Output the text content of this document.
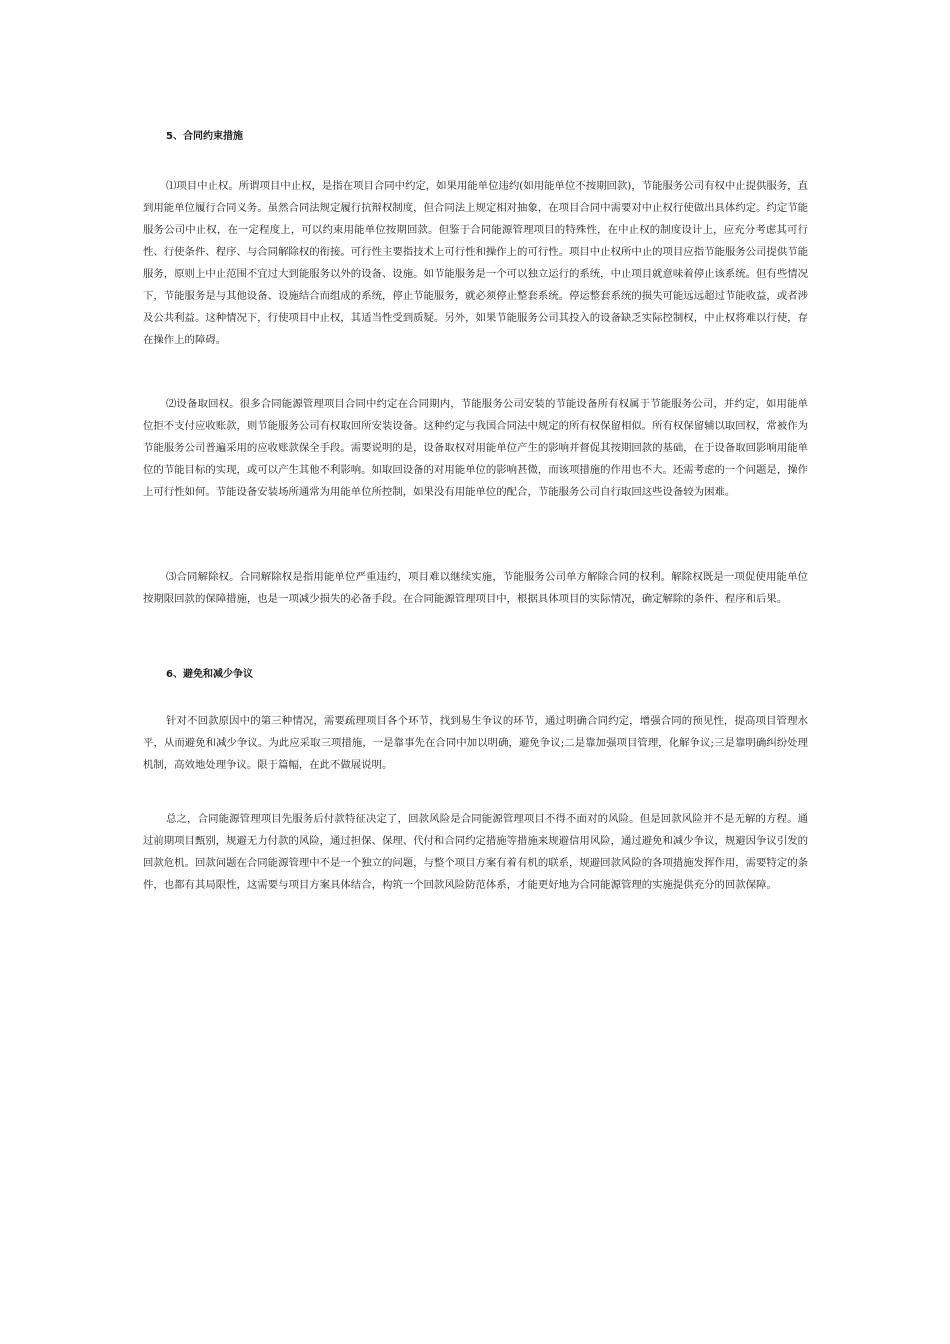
5、合同约束措施

⑴项目中止权。所谓项目中止权，是指在项目合同中约定，如果用能单位违约(如用能单位不按期回款)，节能服务公司有权中止提供服务，直到用能单位履行合同义务。虽然合同法规定履行抗辩权制度，但合同法上规定相对抽象，在项目合同中需要对中止权行使做出具体约定。约定节能服务公司中止权，在一定程度上，可以约束用能单位按期回款。但鉴于合同能源管理项目的特殊性，在中止权的制度设计上，应充分考虑其可行性、行使条件、程序、与合同解除权的衔接。可行性主要指技术上可行性和操作上的可行性。项目中止权所中止的项目应指节能服务公司提供节能服务，原则上中止范围不宜过大到能服务以外的设备、设施。如节能服务是一个可以独立运行的系统，中止项目就意味着停止该系统。但有些情况下，节能服务是与其他设备、设施结合而组成的系统，停止节能服务，就必须停止整套系统。停运整套系统的损失可能远远超过节能收益，或者涉及公共利益。这种情况下，行使项目中止权，其适当性受到质疑。另外，如果节能服务公司其投入的设备缺乏实际控制权，中止权将难以行使，存在操作上的障碍。

⑵设备取回权。很多合同能源管理项目合同中约定在合同期内，节能服务公司安装的节能设备所有权属于节能服务公司，并约定，如用能单位拒不支付应收账款，则节能服务公司有权取回所安装设备。这种约定与我国合同法中规定的所有权保留相似。所有权保留辅以取回权，常被作为节能服务公司普遍采用的应收账款保全手段。需要说明的是，设备取权对用能单位产生的影响并督促其按期回款的基础，在于设备取回影响用能单位的节能目标的实现，或可以产生其他不利影响。如取回设备的对用能单位的影响甚微，而该项措施的作用也不大。还需考虑的一个问题是，操作上可行性如何。节能设备安装场所通常为用能单位所控制，如果没有用能单位的配合，节能服务公司自行取回这些设备较为困难。

⑶合同解除权。合同解除权是指用能单位严重违约，项目难以继续实施，节能服务公司单方解除合同的权利。解除权既是一项促使用能单位按期限回款的保障措施，也是一项减少损失的必备手段。在合同能源管理项目中，根据具体项目的实际情况，确定解除的条件、程序和后果。

6、避免和减少争议

针对不回款原因中的第三种情况，需要疏理项目各个环节，找到易生争议的环节，通过明确合同约定，增强合同的预见性，提高项目管理水平，从而避免和减少争议。为此应采取三项措施，一是靠事先在合同中加以明确，避免争议;二是靠加强项目管理，化解争议;三是靠明确纠纷处理机制，高效地处理争议。限于篇幅，在此不做展说明。

总之，合同能源管理项目先服务后付款特征决定了，回款风险是合同能源管理项目不得不面对的风险。但是回款风险并不是无解的方程。通过前期项目甄别，规避无力付款的风险，通过担保、保理、代付和合同约定措施等措施来规避信用风险，通过避免和减少争议，规避因争议引发的回款危机。回款问题在合同能源管理中不是一个独立的问题，与整个项目方案有着有机的联系，规避回款风险的各项措施发挥作用，需要特定的条件，也都有其局限性，这需要与项目方案具体结合，构筑一个回款风险防范体系，才能更好地为合同能源管理的实施提供充分的回款保障。
